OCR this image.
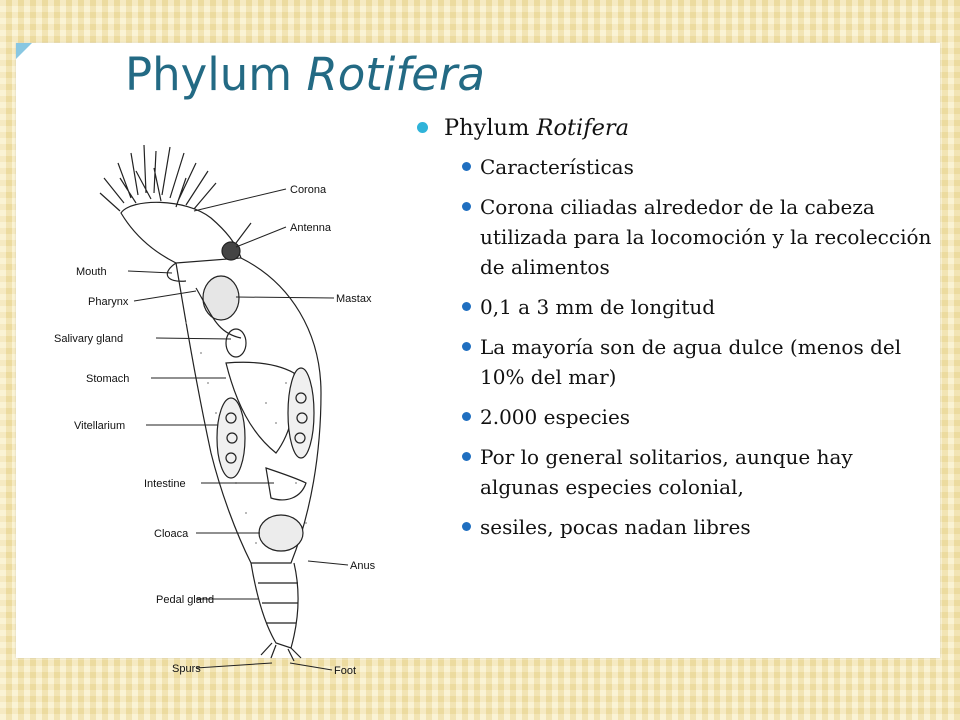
Phylum Rotifera
Corona
Antenna
Mouth
Mastax
Pharynx
Salivary gland
Stomach
Vitellarium
Intestine
Cloaca
Anus
Pedal gland
Spurs	Foot
Phylum Rotifera
Características
Corona ciliadas alrededor de la cabeza utilizada para la locomoción y la recolección de alimentos
0,1 a 3 mm de longitud
La mayoría son de agua dulce (menos del 10% del mar)
2.000 especies
Por lo general solitarios, aunque hay algunas especies colonial,
sesiles, pocas nadan libres
